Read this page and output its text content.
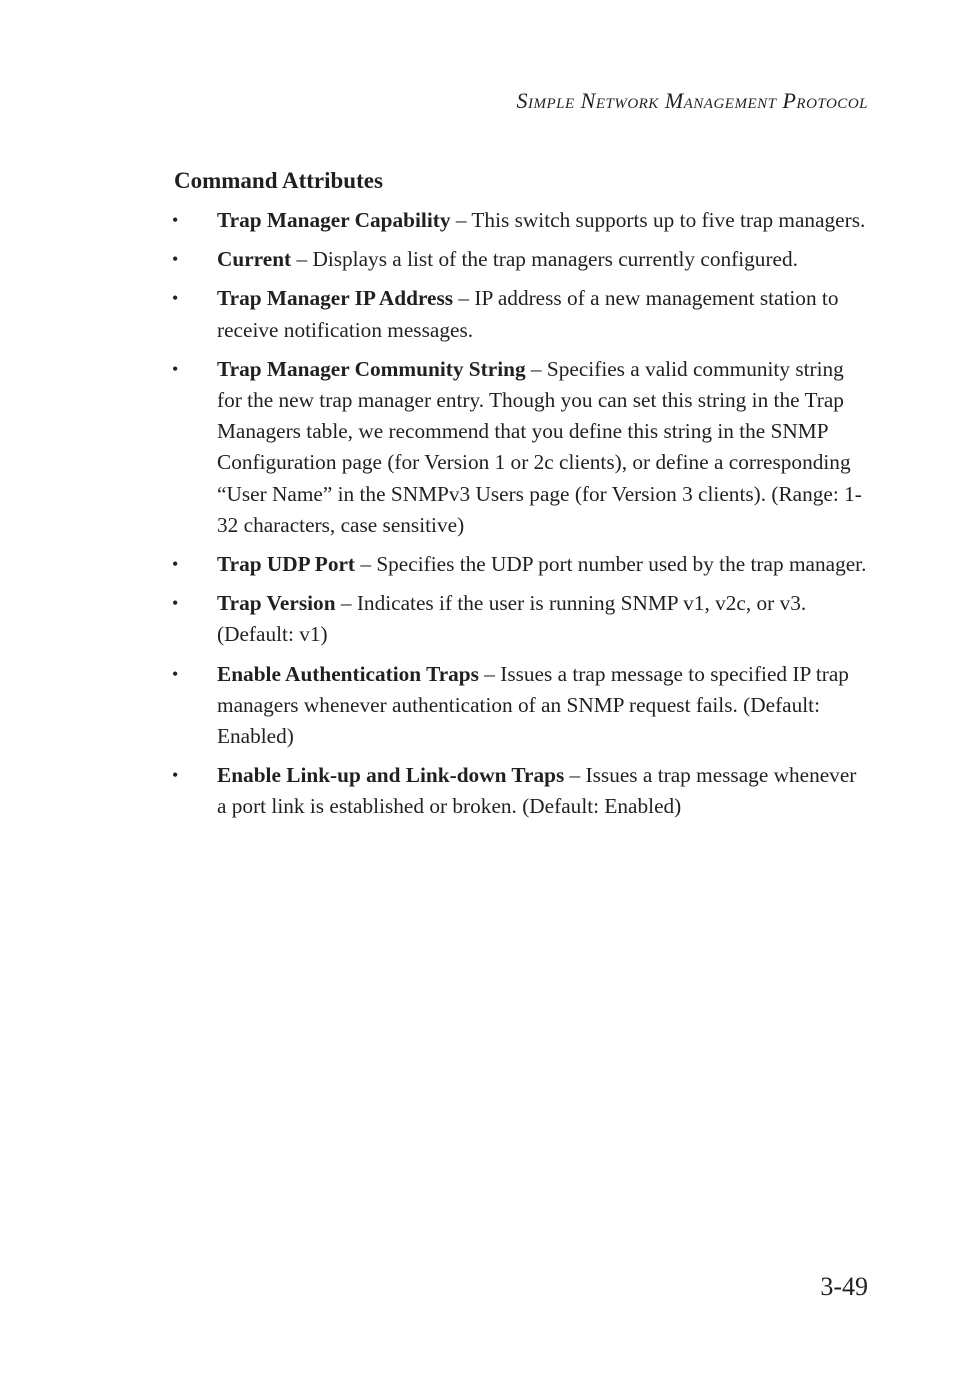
Simple Network Management Protocol
Command Attributes
• Trap Manager Capability – This switch supports up to five trap managers.
• Current – Displays a list of the trap managers currently configured.
• Trap Manager IP Address – IP address of a new management station to receive notification messages.
• Trap Manager Community String – Specifies a valid community string for the new trap manager entry. Though you can set this string in the Trap Managers table, we recommend that you define this string in the SNMP Configuration page (for Version 1 or 2c clients), or define a corresponding “User Name” in the SNMPv3 Users page (for Version 3 clients). (Range: 1-32 characters, case sensitive)
• Trap UDP Port – Specifies the UDP port number used by the trap manager.
• Trap Version – Indicates if the user is running SNMP v1, v2c, or v3. (Default: v1)
• Enable Authentication Traps – Issues a trap message to specified IP trap managers whenever authentication of an SNMP request fails. (Default: Enabled)
• Enable Link-up and Link-down Traps – Issues a trap message whenever a port link is established or broken. (Default: Enabled)
3-49
